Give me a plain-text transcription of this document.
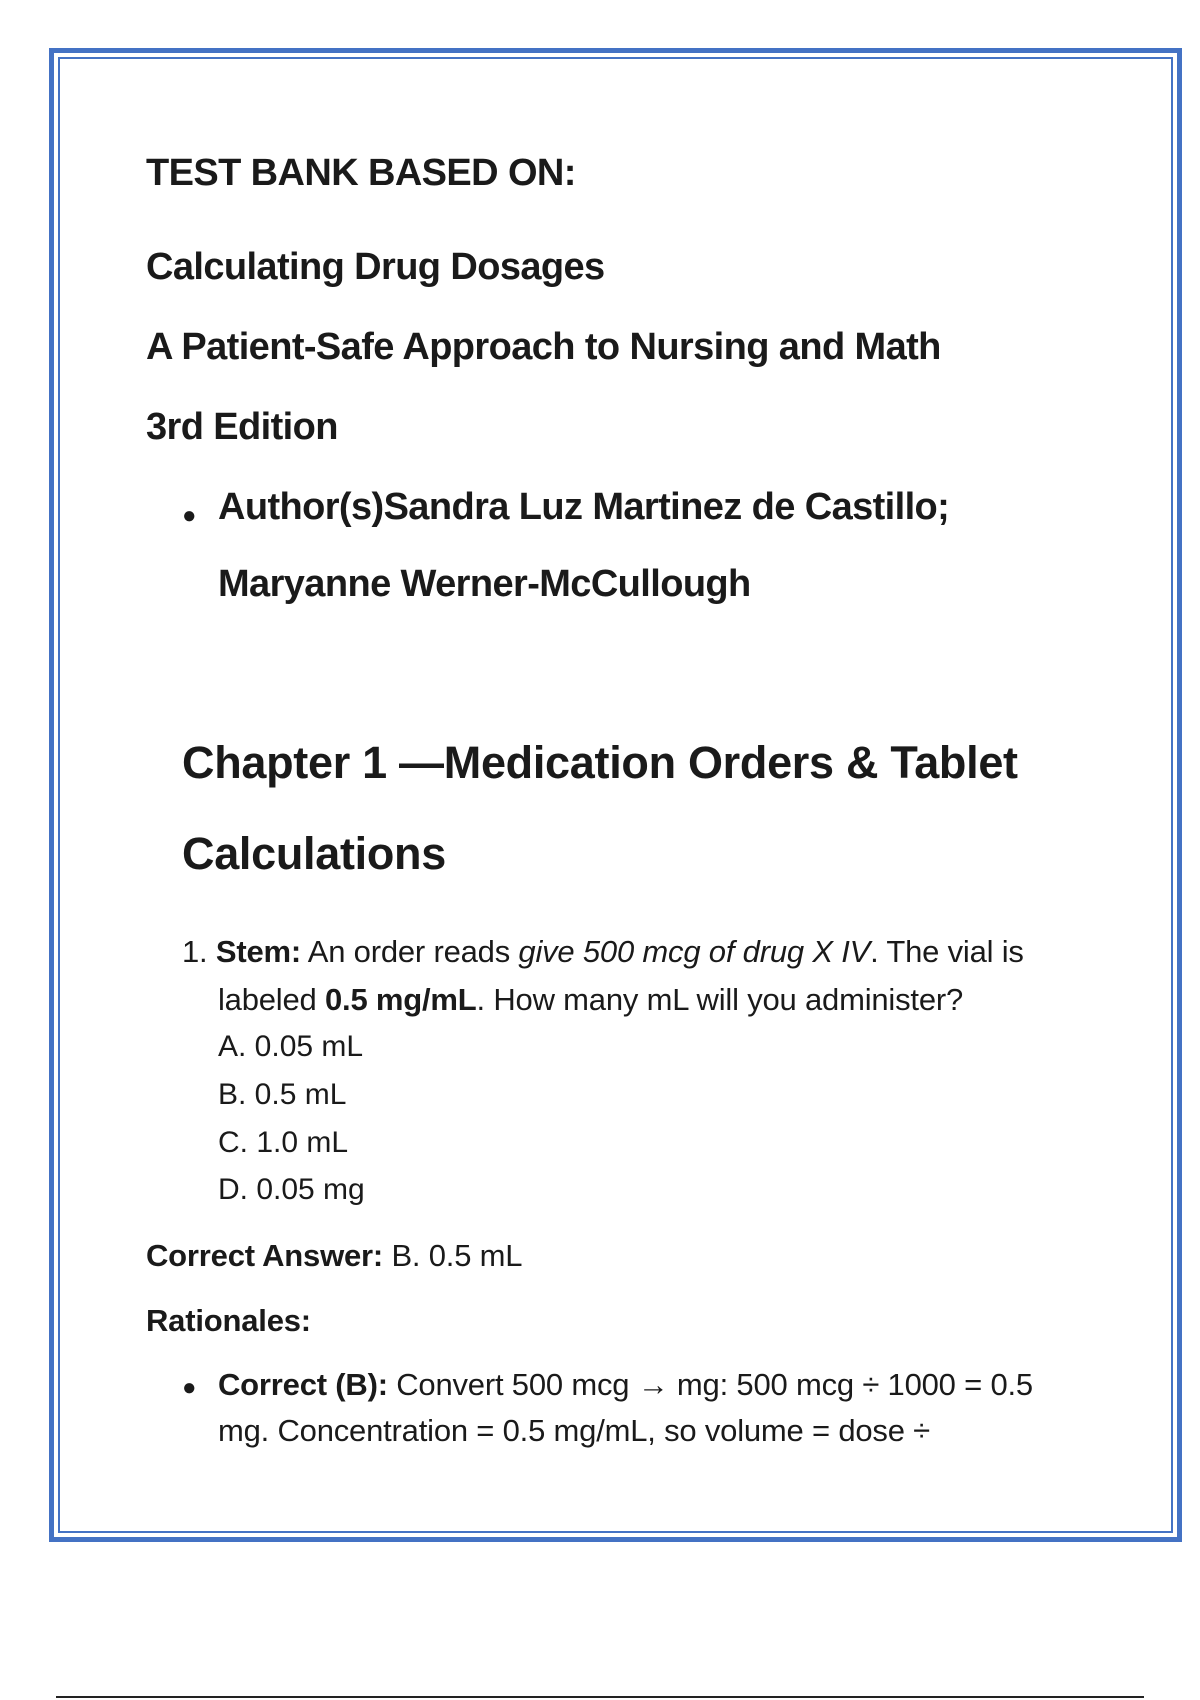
TEST BANK BASED ON:
Calculating Drug Dosages
A Patient-Safe Approach to Nursing and Math
3rd Edition
● Author(s)Sandra Luz Martinez de Castillo;
Maryanne Werner-McCullough
Chapter 1 —Medication Orders & Tablet
Calculations
1. Stem: An order reads give 500 mcg of drug X IV. The vial is
labeled 0.5 mg/mL. How many mL will you administer?
A. 0.05 mL
B. 0.5 mL
C. 1.0 mL
D. 0.05 mg
Correct Answer: B. 0.5 mL
Rationales:
● Correct (B): Convert 500 mcg → mg: 500 mcg ÷ 1000 = 0.5
mg. Concentration = 0.5 mg/mL, so volume = dose ÷
